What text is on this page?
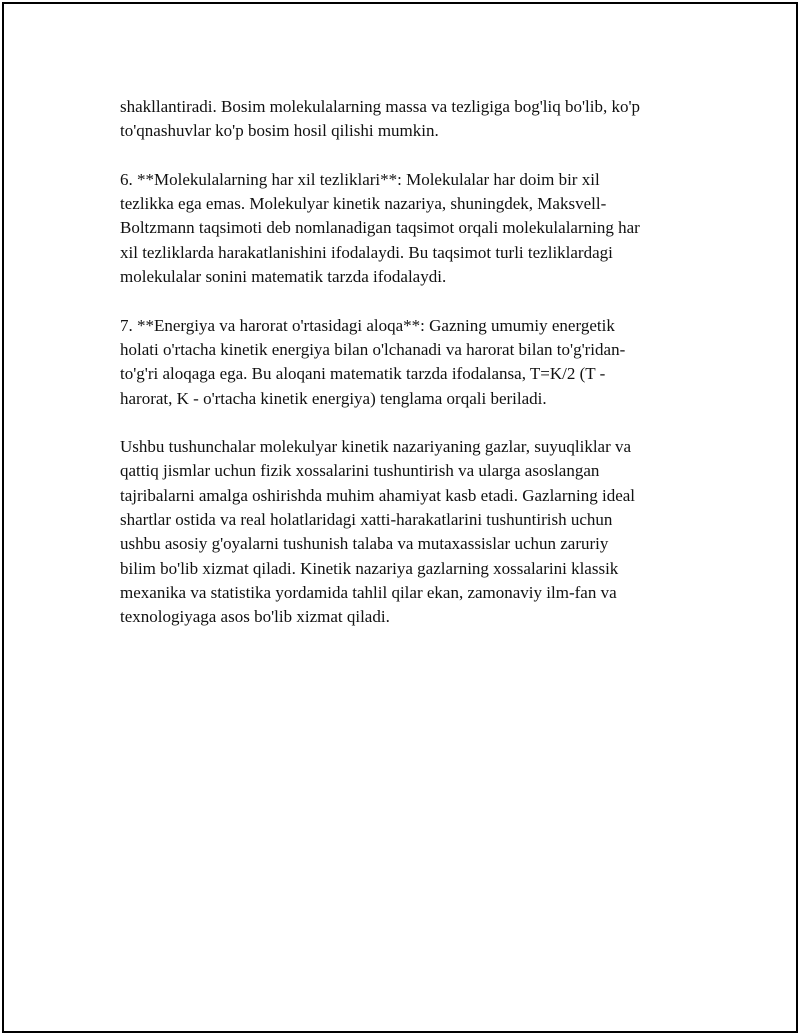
shakllantiradi. Bosim molekulalarning massa va tezligiga bog'liq bo'lib, ko'p
to'qnashuvlar ko'p bosim hosil qilishi mumkin.

6. **Molekulalarning har xil tezliklari**: Molekulalar har doim bir xil
tezlikka ega emas. Molekulyar kinetik nazariya, shuningdek, Maksvell-
Boltzmann taqsimoti deb nomlanadigan taqsimot orqali molekulalarning har
xil tezliklarda harakatlanishini ifodalaydi. Bu taqsimot turli tezliklardagi
molekulalar sonini matematik tarzda ifodalaydi.

7. **Energiya va harorat o'rtasidagi aloqa**: Gazning umumiy energetik
holati o'rtacha kinetik energiya bilan o'lchanadi va harorat bilan to'g'ridan-
to'g'ri aloqaga ega. Bu aloqani matematik tarzda ifodalansa, T=K/2 (T -
harorat, K - o'rtacha kinetik energiya) tenglama orqali beriladi.

Ushbu tushunchalar molekulyar kinetik nazariyaning gazlar, suyuqliklar va
qattiq jismlar uchun fizik xossalarini tushuntirish va ularga asoslangan
tajribalarni amalga oshirishda muhim ahamiyat kasb etadi. Gazlarning ideal
shartlar ostida va real holatlaridagi xatti-harakatlarini tushuntirish uchun
ushbu asosiy g'oyalarni tushunish talaba va mutaxassislar uchun zaruriy
bilim bo'lib xizmat qiladi. Kinetik nazariya gazlarning xossalarini klassik
mexanika va statistika yordamida tahlil qilar ekan, zamonaviy ilm-fan va
texnologiyaga asos bo'lib xizmat qiladi.
